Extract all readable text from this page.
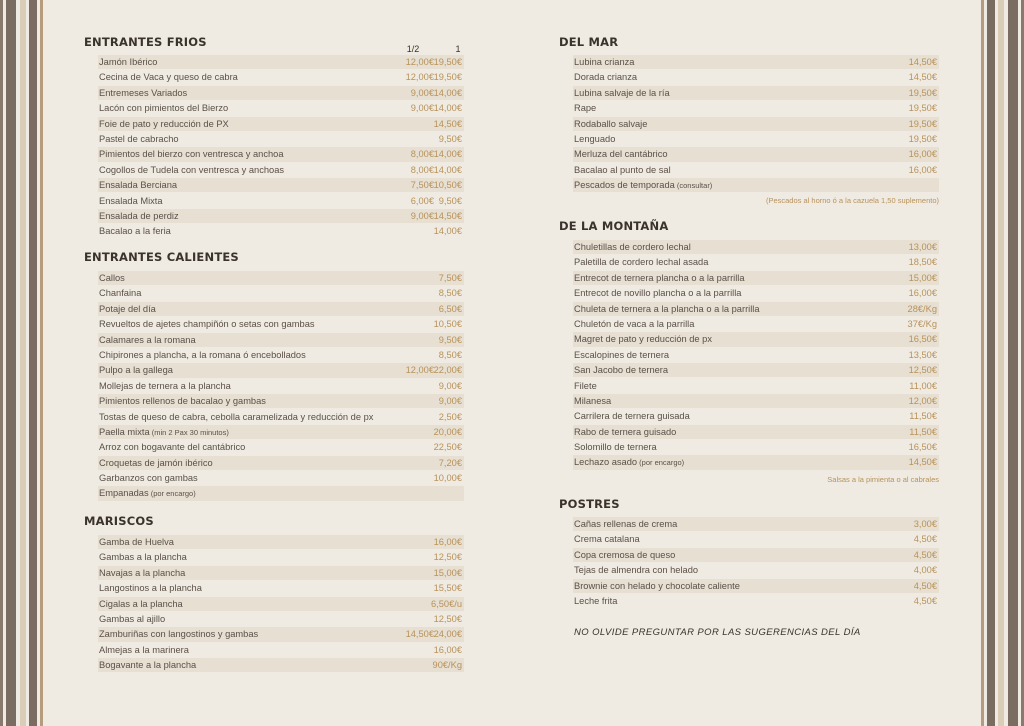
ENTRANTES FRIOS	1/2	1
Jamón Ibérico	12,00€ 19,50€
Cecina de Vaca y queso de cabra	12,00€ 19,50€
Entremeses Variados	9,00€ 14,00€
Lacón con pimientos del Bierzo	9,00€ 14,00€
Foie de pato y reducción de PX	14,50€
Pastel de cabracho	9,50€
Pimientos del bierzo con ventresca y anchoa	8,00€ 14,00€
Cogollos de Tudela con ventresca y anchoas	8,00€ 14,00€
Ensalada Berciana	7,50€ 10,50€
Ensalada Mixta	6,00€ 9,50€
Ensalada de perdiz	9,00€ 14,50€
Bacalao a la feria	14,00€
ENTRANTES CALIENTES
Callos	7,50€
Chanfaina	8,50€
Potaje del día	6,50€
Revueltos de ajetes champiñón o setas con gambas	10,50€
Calamares a la romana	9,50€
Chipirones a plancha, a la romana ó encebollados	8,50€
Pulpo a la gallega	12,00€ 22,00€
Mollejas de ternera a la plancha	9,00€
Pimientos rellenos de bacalao y gambas	9,00€
Tostas de queso de cabra, cebolla caramelizada y reducción de px	2,50€
Paella mixta (min 2 Pax 30 minutos)	20,00€
Arroz con bogavante del cantábrico	22,50€
Croquetas de jamón ibérico	7,20€
Garbanzos con gambas	10,00€
Empanadas (por encargo)
MARISCOS
Gamba de Huelva	16,00€
Gambas a la plancha	12,50€
Navajas a la plancha	15,00€
Langostinos a la plancha	15,50€
Cigalas a la plancha	6,50€/u
Gambas al ajillo	12,50€
Zamburiñas con langostinos y gambas	14,50€ 24,00€
Almejas a la marinera	16,00€
Bogavante a la plancha	90€/Kg
DEL MAR
Lubina crianza	14,50€
Dorada crianza	14,50€
Lubina salvaje de la ría	19,50€
Rape	19,50€
Rodaballo salvaje	19,50€
Lenguado	19,50€
Merluza del cantábrico	16,00€
Bacalao al punto de sal	16,00€
Pescados de temporada (consultar)
(Pescados al horno ó a la cazuela 1,50 suplemento)
DE LA MONTAÑA
Chuletillas de cordero lechal	13,00€
Paletilla de cordero lechal asada	18,50€
Entrecot de ternera plancha o a la parrilla	15,00€
Entrecot de novillo plancha o a la parrilla	16,00€
Chuleta de ternera a la plancha o a la parrilla	28€/Kg
Chuletón de vaca a la parrilla	37€/Kg
Magret de pato y reducción de px	16,50€
Escalopines de ternera	13,50€
San Jacobo de ternera	12,50€
Filete	11,00€
Milanesa	12,00€
Carrilera de ternera guisada	11,50€
Rabo de ternera guisado	11,50€
Solomillo de ternera	16,50€
Lechazo asado (por encargo)	14,50€
Salsas a la pimienta o al cabrales
POSTRES
Cañas rellenas de crema	3,00€
Crema catalana	4,50€
Copa cremosa de queso	4,50€
Tejas de almendra con helado	4,00€
Brownie con helado y chocolate caliente	4,50€
Leche frita	4,50€
NO OLVIDE PREGUNTAR POR LAS SUGERENCIAS DEL DÍA
